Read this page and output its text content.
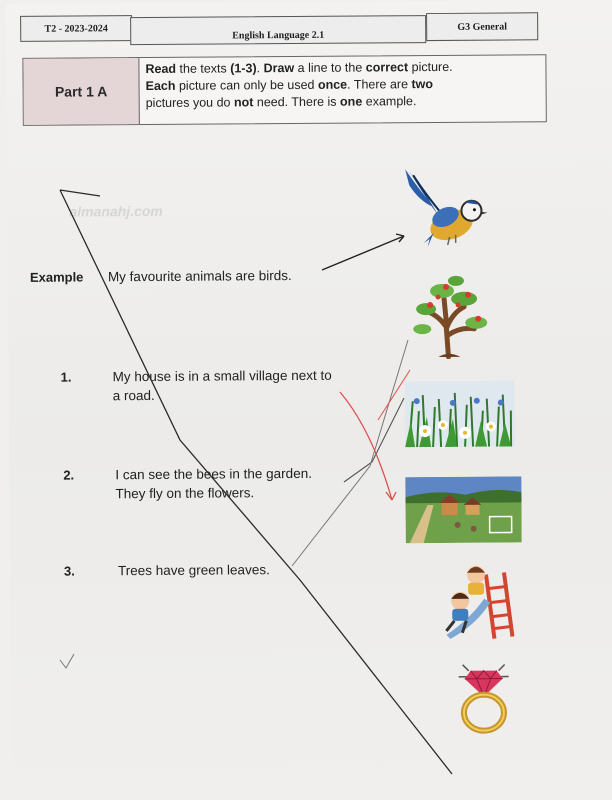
T2 - 2023-2024
English Language 2.1
G3 General
Part 1 A
Read the texts (1-3). Draw a line to the correct picture.
Each picture can only be used once. There are two
pictures you do not need. There is one example.
almanahj.com
Example My favourite animals are birds.
1.	My house is in a small village next to
a road.
2.	I can see the bees in the garden.
They fly on the flowers.
3.	Trees have green leaves.
